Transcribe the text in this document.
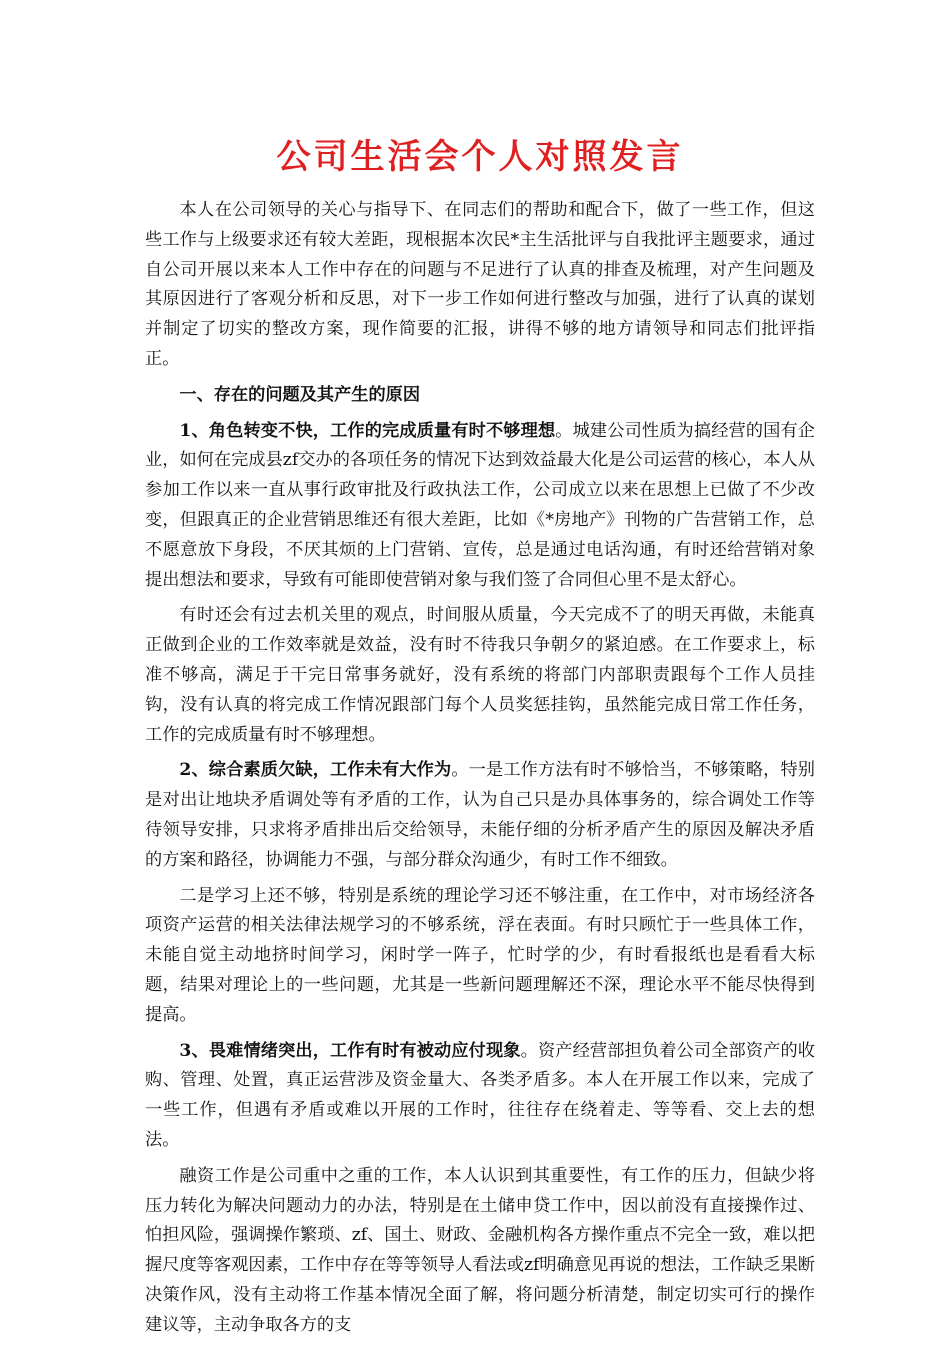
公司生活会个人对照发言

本人在公司领导的关心与指导下、在同志们的帮助和配合下，做了一些工作，但这些工作与上级要求还有较大差距，现根据本次民*主生活批评与自我批评主题要求，通过自公司开展以来本人工作中存在的问题与不足进行了认真的排查及梳理，对产生问题及其原因进行了客观分析和反思，对下一步工作如何进行整改与加强，进行了认真的谋划并制定了切实的整改方案，现作简要的汇报，讲得不够的地方请领导和同志们批评指正。

一、存在的问题及其产生的原因

1、角色转变不快，工作的完成质量有时不够理想。城建公司性质为搞经营的国有企业，如何在完成县zf交办的各项任务的情况下达到效益最大化是公司运营的核心，本人从参加工作以来一直从事行政审批及行政执法工作，公司成立以来在思想上已做了不少改变，但跟真正的企业营销思维还有很大差距，比如《*房地产》刊物的广告营销工作，总不愿意放下身段，不厌其烦的上门营销、宣传，总是通过电话沟通，有时还给营销对象提出想法和要求，导致有可能即使营销对象与我们签了合同但心里不是太舒心。

有时还会有过去机关里的观点，时间服从质量，今天完成不了的明天再做，未能真正做到企业的工作效率就是效益，没有时不待我只争朝夕的紧迫感。在工作要求上，标准不够高，满足于干完日常事务就好，没有系统的将部门内部职责跟每个工作人员挂钩，没有认真的将完成工作情况跟部门每个人员奖惩挂钩，虽然能完成日常工作任务，工作的完成质量有时不够理想。

2、综合素质欠缺，工作未有大作为。一是工作方法有时不够恰当，不够策略，特别是对出让地块矛盾调处等有矛盾的工作，认为自己只是办具体事务的，综合调处工作等待领导安排，只求将矛盾排出后交给领导，未能仔细的分析矛盾产生的原因及解决矛盾的方案和路径，协调能力不强，与部分群众沟通少，有时工作不细致。

二是学习上还不够，特别是系统的理论学习还不够注重，在工作中，对市场经济各项资产运营的相关法律法规学习的不够系统，浮在表面。有时只顾忙于一些具体工作，未能自觉主动地挤时间学习，闲时学一阵子，忙时学的少，有时看报纸也是看看大标题，结果对理论上的一些问题，尤其是一些新问题理解还不深，理论水平不能尽快得到提高。

3、畏难情绪突出，工作有时有被动应付现象。资产经营部担负着公司全部资产的收购、管理、处置，真正运营涉及资金量大、各类矛盾多。本人在开展工作以来，完成了一些工作，但遇有矛盾或难以开展的工作时，往往存在绕着走、等等看、交上去的想法。

融资工作是公司重中之重的工作，本人认识到其重要性，有工作的压力，但缺少将压力转化为解决问题动力的办法，特别是在土储申贷工作中，因以前没有直接操作过、怕担风险，强调操作繁琐、zf、国土、财政、金融机构各方操作重点不完全一致，难以把握尺度等客观因素，工作中存在等等领导人看法或zf明确意见再说的想法，工作缺乏果断决策作风，没有主动将工作基本情况全面了解，将问题分析清楚，制定切实可行的操作建议等，主动争取各方的支
